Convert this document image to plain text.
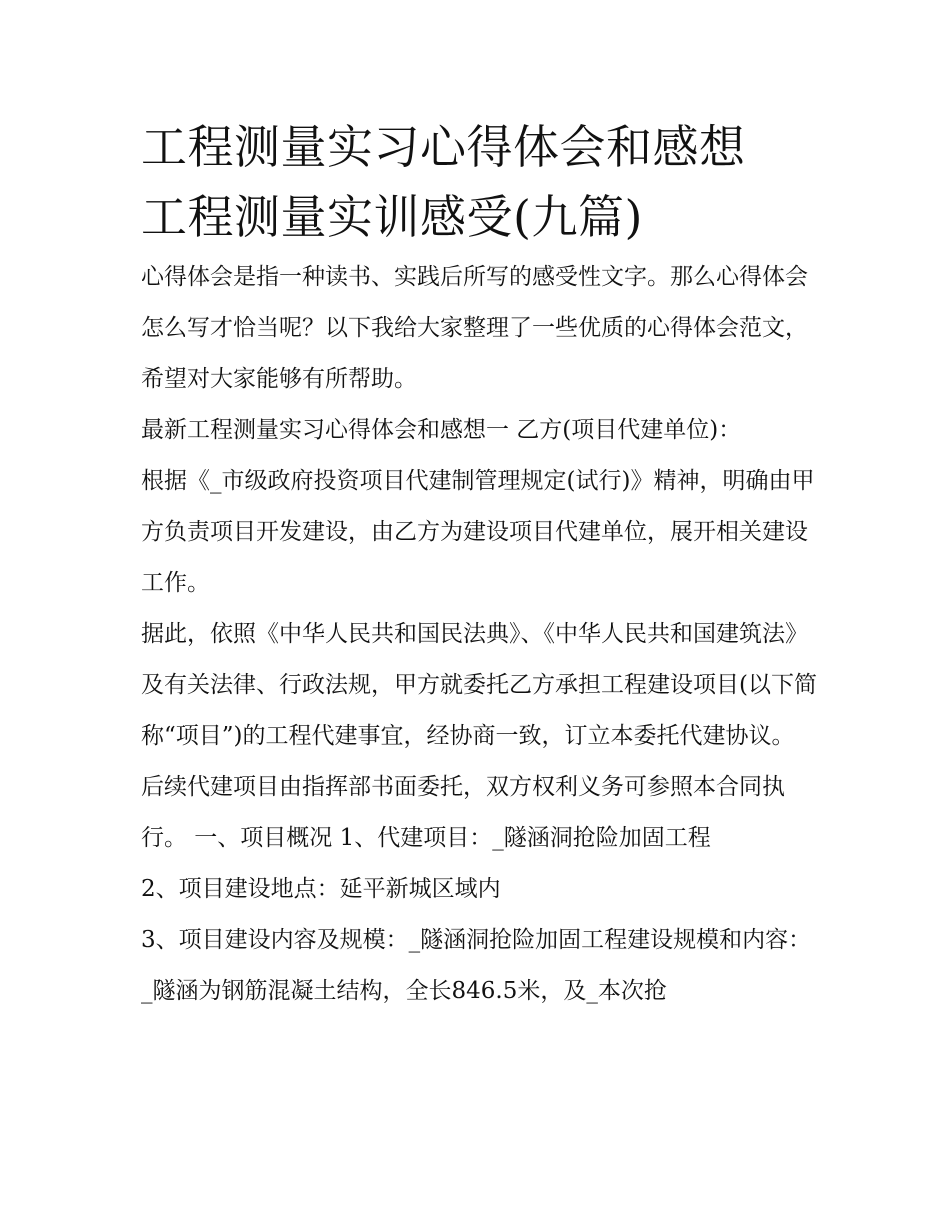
工程测量实习心得体会和感想
工程测量实训感受(九篇)

心得体会是指一种读书、实践后所写的感受性文字。那么心得体会怎么写才恰当呢？以下我给大家整理了一些优质的心得体会范文，希望对大家能够有所帮助。

最新工程测量实习心得体会和感想一 乙方(项目代建单位)：

根据《_市级政府投资项目代建制管理规定(试行)》精神，明确由甲方负责项目开发建设，由乙方为建设项目代建单位，展开相关建设工作。

据此，依照《中华人民共和国民法典》、《中华人民共和国建筑法》及有关法律、行政法规，甲方就委托乙方承担工程建设项目(以下简称“项目”)的工程代建事宜，经协商一致，订立本委托代建协议。

后续代建项目由指挥部书面委托，双方权利义务可参照本合同执行。 一、项目概况 1、代建项目：_隧涵洞抢险加固工程

2、项目建设地点：延平新城区域内

3、项目建设内容及规模：_隧涵洞抢险加固工程建设规模和内容：_隧涵为钢筋混凝土结构，全长846.5米，及_本次抢
